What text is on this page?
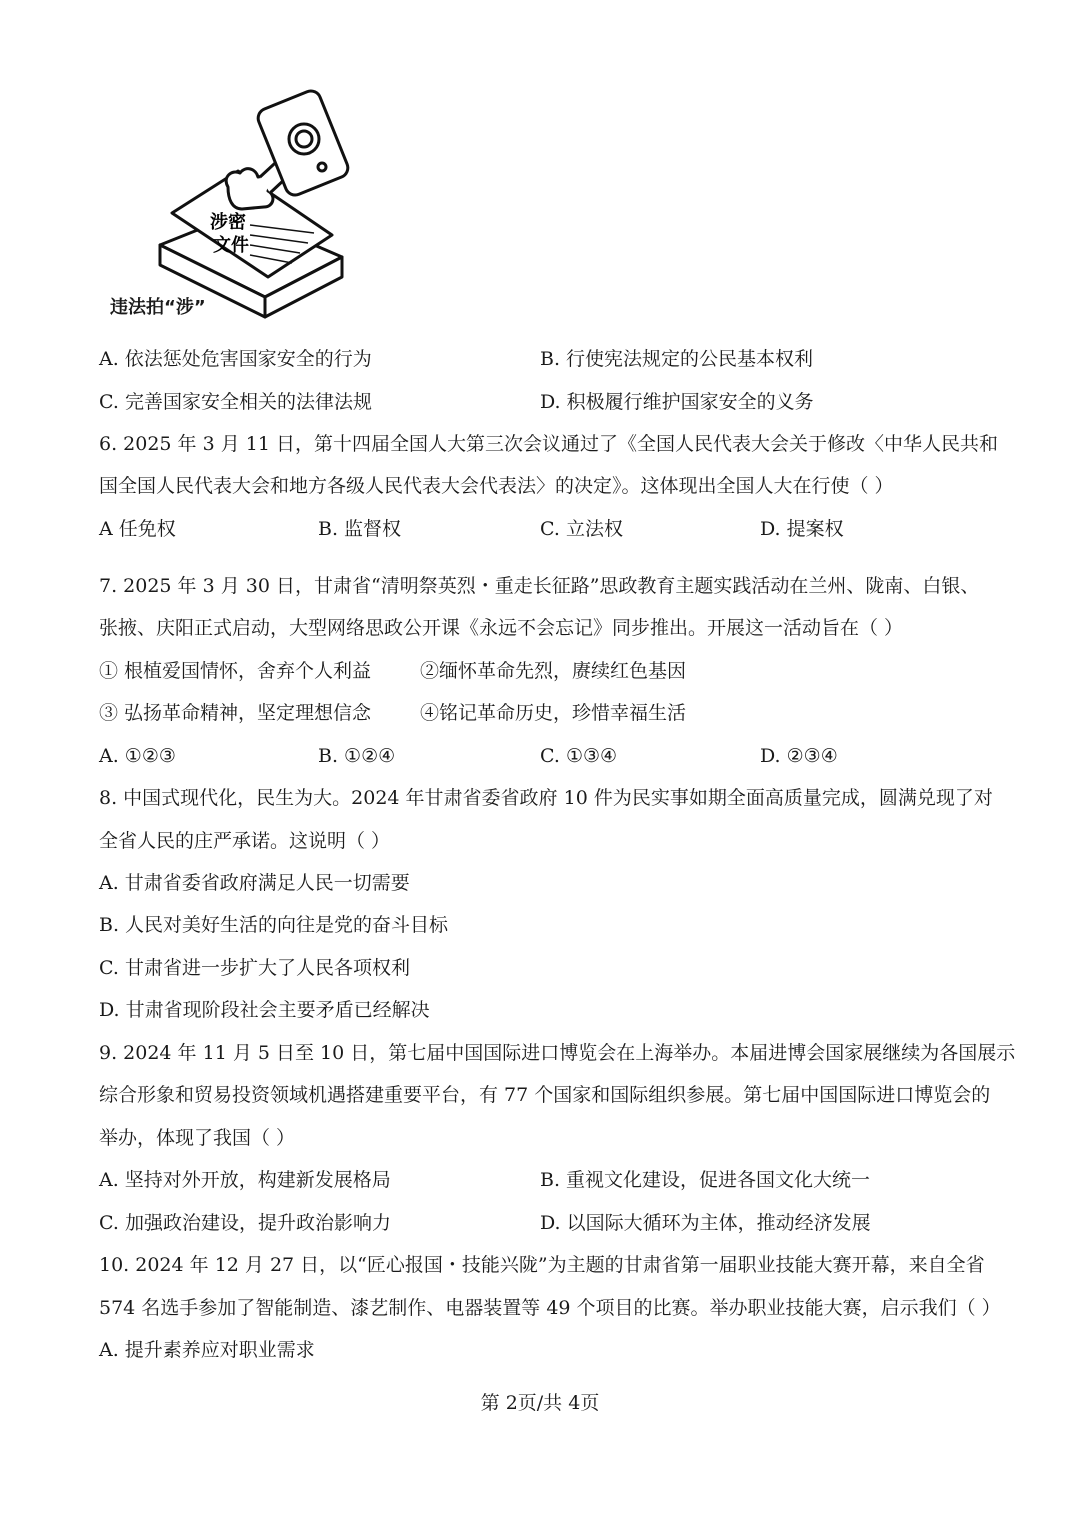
涉密
文件
违法拍“涉”
A. 依法惩处危害国家安全的行为	B. 行使宪法规定的公民基本权利
C. 完善国家安全相关的法律法规	D. 积极履行维护国家安全的义务
6. 2025 年 3 月 11 日，第十四届全国人大第三次会议通过了《全国人民代表大会关于修改〈中华人民共和
国全国人民代表大会和地方各级人民代表大会代表法〉的决定》。这体现出全国人大在行使（ ）
A 任免权	B. 监督权	C. 立法权	D. 提案权
7. 2025 年 3 月 30 日，甘肃省“清明祭英烈・重走长征路”思政教育主题实践活动在兰州、陇南、白银、
张掖、庆阳正式启动，大型网络思政公开课《永远不会忘记》同步推出。开展这一活动旨在（ ）
① 根植爱国情怀，舍弃个人利益	②缅怀革命先烈，赓续红色基因
③ 弘扬革命精神，坚定理想信念	④铭记革命历史，珍惜幸福生活
A. ①②③	B. ①②④	C. ①③④	D. ②③④
8. 中国式现代化，民生为大。2024 年甘肃省委省政府 10 件为民实事如期全面高质量完成，圆满兑现了对
全省人民的庄严承诺。这说明（ ）
A. 甘肃省委省政府满足人民一切需要
B. 人民对美好生活的向往是党的奋斗目标
C. 甘肃省进一步扩大了人民各项权利
D. 甘肃省现阶段社会主要矛盾已经解决
9. 2024 年 11 月 5 日至 10 日，第七届中国国际进口博览会在上海举办。本届进博会国家展继续为各国展示
综合形象和贸易投资领域机遇搭建重要平台，有 77 个国家和国际组织参展。第七届中国国际进口博览会的
举办，体现了我国（ ）
A. 坚持对外开放，构建新发展格局	B. 重视文化建设，促进各国文化大统一
C. 加强政治建设，提升政治影响力	D. 以国际大循环为主体，推动经济发展
10. 2024 年 12 月 27 日，以“匠心报国・技能兴陇”为主题的甘肃省第一届职业技能大赛开幕，来自全省
574 名选手参加了智能制造、漆艺制作、电器装置等 49 个项目的比赛。举办职业技能大赛，启示我们（ ）
A. 提升素养应对职业需求
第 2页/共 4页
